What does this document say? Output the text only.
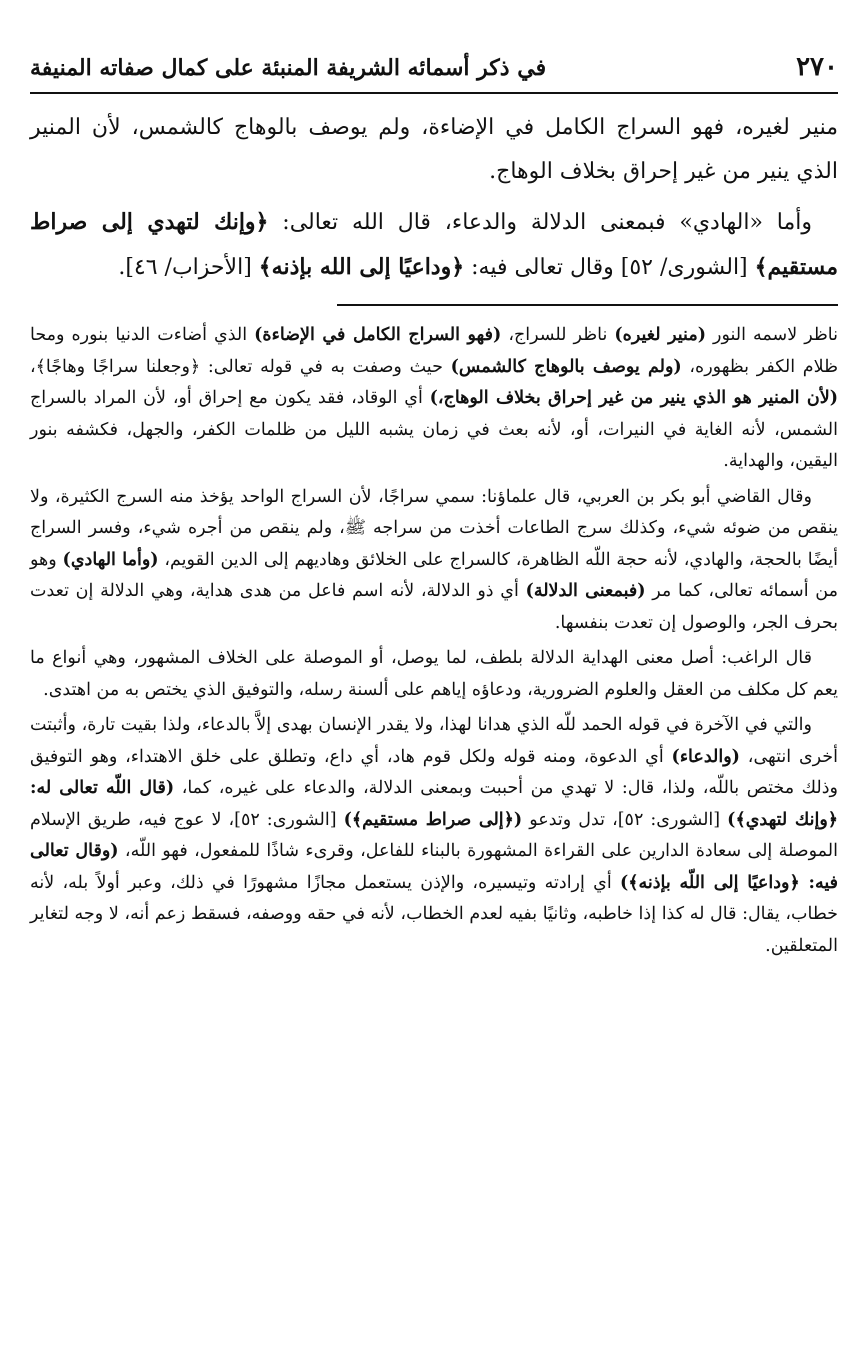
٢٧٠
في ذكر أسمائه الشريفة المنبئة على كمال صفاته المنيفة

منير لغيره، فهو السراج الكامل في الإضاءة، ولم يوصف بالوهاج كالشمس، لأن المنير الذي ينير من غير إحراق بخلاف الوهاج.

وأما «الهادي» فبمعنى الدلالة والدعاء، قال الله تعالى: ﴿وإنك لتهدي إلى صراط مستقيم﴾ [الشورى/ ٥٢] وقال تعالى فيه: ﴿وداعيًا إلى الله بإذنه﴾ [الأحزاب/ ٤٦].

ناظر لاسمه النور (منير لغيره) ناظر للسراج، (فهو السراج الكامل في الإضاءة) الذي أضاءت الدنيا بنوره ومحا ظلام الكفر بظهوره، (ولم يوصف بالوهاج كالشمس) حيث وصفت به في قوله تعالى: ﴿وجعلنا سراجًا وهاجًا﴾، (لأن المنير هو الذي ينير من غير إحراق بخلاف الوهاج،) أي الوقاد، فقد يكون مع إحراق أو، لأن المراد بالسراج الشمس، لأنه الغاية في النيرات، أو، لأنه بعث في زمان يشبه الليل من ظلمات الكفر، والجهل، فكشفه بنور اليقين، والهداية.

وقال القاضي أبو بكر بن العربي، قال علماؤنا: سمي سراجًا، لأن السراج الواحد يؤخذ منه السرج الكثيرة، ولا ينقص من ضوئه شيء، وكذلك سرج الطاعات أخذت من سراجه ﷺ، ولم ينقص من أجره شيء، وفسر السراج أيضًا بالحجة، والهادي، لأنه حجة اللّه الظاهرة، كالسراج على الخلائق وهاديهم إلى الدين القويم، (وأما الهادي) وهو من أسمائه تعالى، كما مر (فبمعنى الدلالة) أي ذو الدلالة، لأنه اسم فاعل من هدى هداية، وهي الدلالة إن تعدت بحرف الجر، والوصول إن تعدت بنفسها.

قال الراغب: أصل معنى الهداية الدلالة بلطف، لما يوصل، أو الموصلة على الخلاف المشهور، وهي أنواع ما يعم كل مكلف من العقل والعلوم الضرورية، ودعاؤه إياهم على ألسنة رسله، والتوفيق الذي يختص به من اهتدى.

والتي في الآخرة في قوله الحمد للّه الذي هدانا لهذا، ولا يقدر الإنسان بهدى إلاَّ بالدعاء، ولذا بقيت تارة، وأثبتت أخرى انتهى، (والدعاء) أي الدعوة، ومنه قوله ولكل قوم هاد، أي داع، وتطلق على خلق الاهتداء، وهو التوفيق وذلك مختص باللّه، ولذا، قال: لا تهدي من أحببت وبمعنى الدلالة، والدعاء على غيره، كما، (قال اللّه تعالى له: ﴿وإنك لتهدي﴾) [الشورى: ٥٢]، تدل وتدعو (﴿إلى صراط مستقيم﴾) [الشورى: ٥٢]، لا عوج فيه، طريق الإسلام الموصلة إلى سعادة الدارين على القراءة المشهورة بالبناء للفاعل، وقرىء شاذًا للمفعول، فهو اللّه، (وقال تعالى فيه: ﴿وداعيًا إلى اللّه بإذنه﴾) أي إرادته وتيسيره، والإذن يستعمل مجازًا مشهورًا في ذلك، وعبر أولاً بله، لأنه خطاب، يقال: قال له كذا إذا خاطبه، وثانيًا بفيه لعدم الخطاب، لأنه في حقه ووصفه، فسقط زعم أنه، لا وجه لتغاير المتعلقين.
